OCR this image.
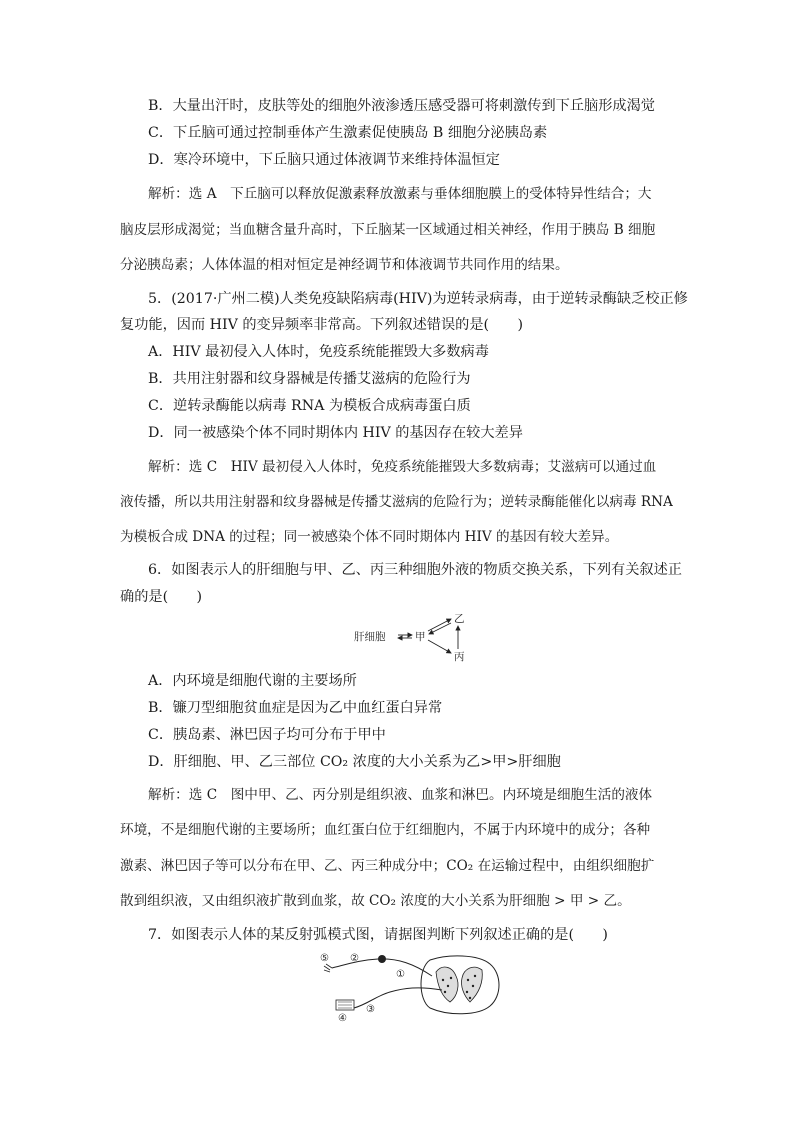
B．大量出汗时，皮肤等处的细胞外液渗透压感受器可将刺激传到下丘脑形成渴觉
C．下丘脑可通过控制垂体产生激素促使胰岛 B 细胞分泌胰岛素
D．寒冷环境中，下丘脑只通过体液调节来维持体温恒定
解析：选 A　下丘脑可以释放促激素释放激素与垂体细胞膜上的受体特异性结合；大
脑皮层形成渴觉；当血糖含量升高时，下丘脑某一区域通过相关神经，作用于胰岛 B 细胞
分泌胰岛素；人体体温的相对恒定是神经调节和体液调节共同作用的结果。
5．(2017·广州二模)人类免疫缺陷病毒(HIV)为逆转录病毒，由于逆转录酶缺乏校正修
复功能，因而 HIV 的变异频率非常高。下列叙述错误的是(　　)
A．HIV 最初侵入人体时，免疫系统能摧毁大多数病毒
B．共用注射器和纹身器械是传播艾滋病的危险行为
C．逆转录酶能以病毒 RNA 为模板合成病毒蛋白质
D．同一被感染个体不同时期体内 HIV 的基因存在较大差异
解析：选 C　HIV 最初侵入人体时，免疫系统能摧毁大多数病毒；艾滋病可以通过血
液传播，所以共用注射器和纹身器械是传播艾滋病的危险行为；逆转录酶能催化以病毒 RNA
为模板合成 DNA 的过程；同一被感染个体不同时期体内 HIV 的基因有较大差异。
6．如图表示人的肝细胞与甲、乙、丙三种细胞外液的物质交换关系，下列有关叙述正
确的是(　　)
肝细胞	甲
乙
丙
A．内环境是细胞代谢的主要场所
B．镰刀型细胞贫血症是因为乙中血红蛋白异常
C．胰岛素、淋巴因子均可分布于甲中
D．肝细胞、甲、乙三部位 CO₂ 浓度的大小关系为乙>甲>肝细胞
解析：选 C　图中甲、乙、丙分别是组织液、血浆和淋巴。内环境是细胞生活的液体
环境，不是细胞代谢的主要场所；血红蛋白位于红细胞内，不属于内环境中的成分；各种
激素、淋巴因子等可以分布在甲、乙、丙三种成分中；CO₂ 在运输过程中，由组织细胞扩
散到组织液，又由组织液扩散到血浆，故 CO₂ 浓度的大小关系为肝细胞 > 甲 > 乙。
7．如图表示人体的某反射弧模式图，请据图判断下列叙述正确的是(　　)
⑤ ②
①
③
④
